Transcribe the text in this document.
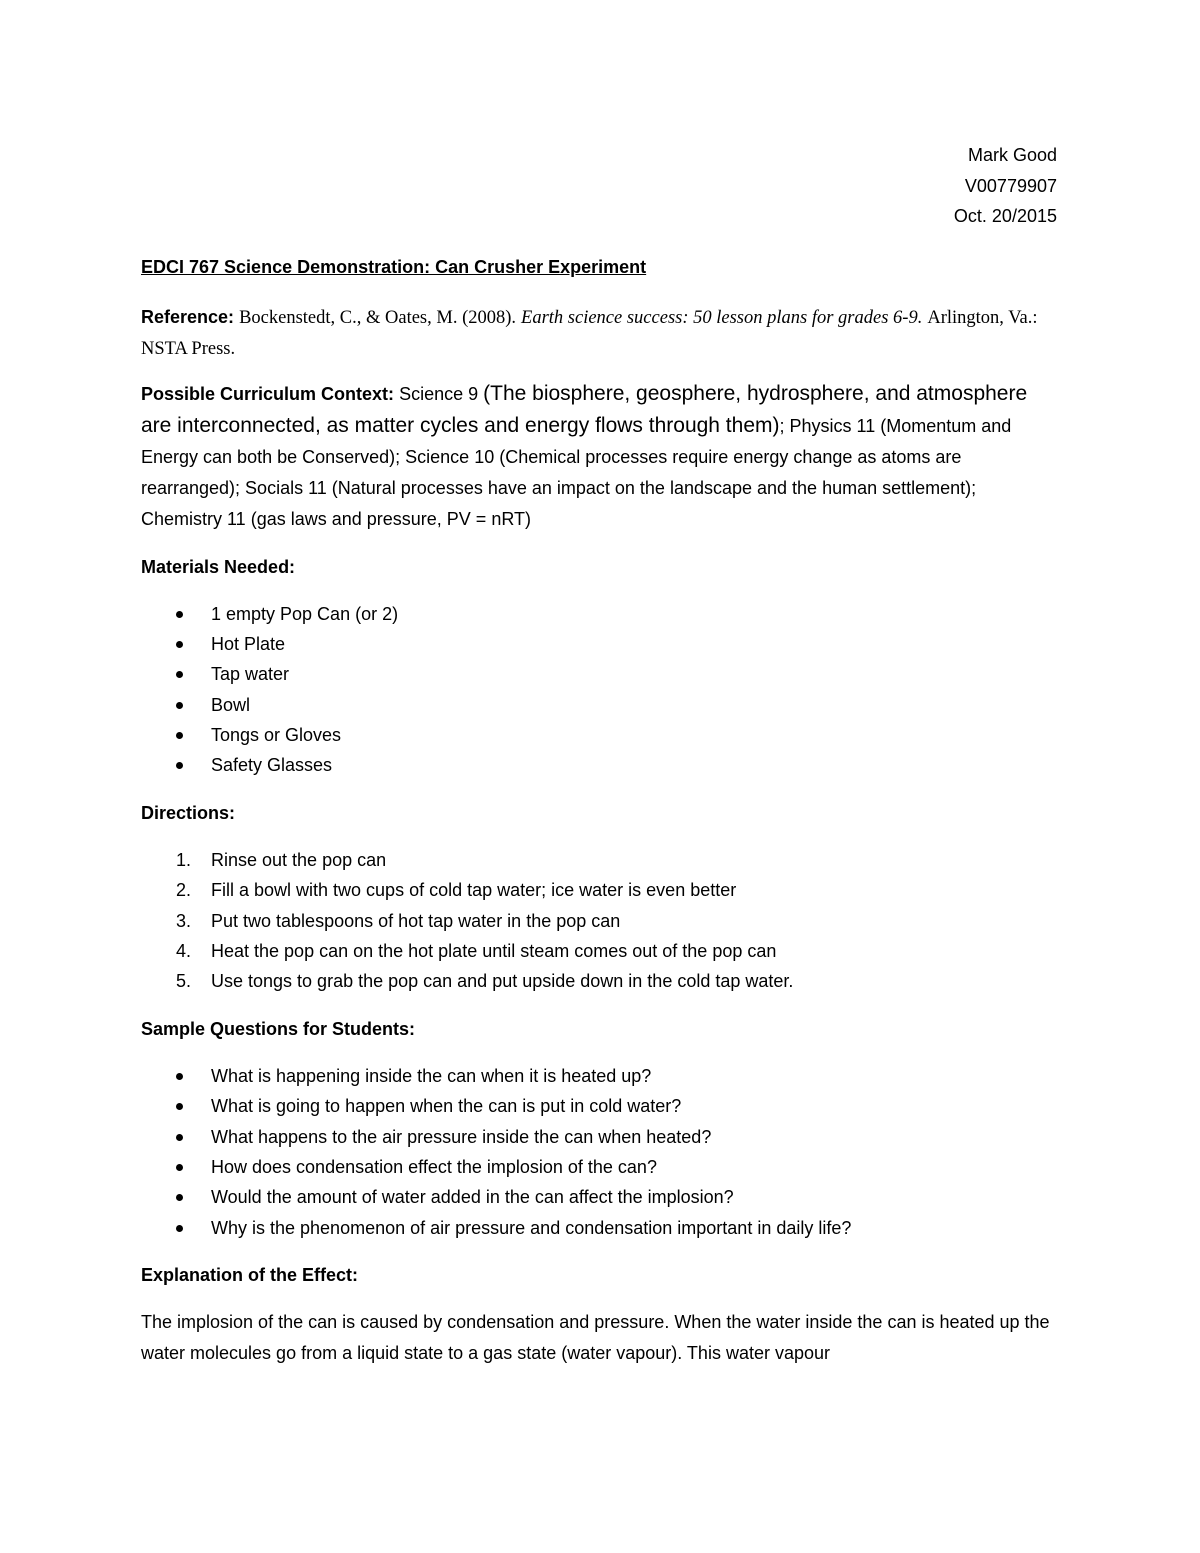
Mark Good
V00779907
Oct. 20/2015
EDCI 767 Science Demonstration: Can Crusher Experiment
Reference: Bockenstedt, C., & Oates, M. (2008). Earth science success: 50 lesson plans for grades 6-9. Arlington, Va.: NSTA Press.
Possible Curriculum Context: Science 9 (The biosphere, geosphere, hydrosphere, and atmosphere are interconnected, as matter cycles and energy flows through them); Physics 11 (Momentum and Energy can both be Conserved); Science 10 (Chemical processes require energy change as atoms are rearranged); Socials 11 (Natural processes have an impact on the landscape and the human settlement); Chemistry 11 (gas laws and pressure, PV = nRT)
Materials Needed:
1 empty Pop Can (or 2)
Hot Plate
Tap water
Bowl
Tongs or Gloves
Safety Glasses
Directions:
1. Rinse out the pop can
2. Fill a bowl with two cups of cold tap water; ice water is even better
3. Put two tablespoons of hot tap water in the pop can
4. Heat the pop can on the hot plate until steam comes out of the pop can
5. Use tongs to grab the pop can and put upside down in the cold tap water.
Sample Questions for Students:
What is happening inside the can when it is heated up?
What is going to happen when the can is put in cold water?
What happens to the air pressure inside the can when heated?
How does condensation effect the implosion of the can?
Would the amount of water added in the can affect the implosion?
Why is the phenomenon of air pressure and condensation important in daily life?
Explanation of the Effect:
The implosion of the can is caused by condensation and pressure. When the water inside the can is heated up the water molecules go from a liquid state to a gas state (water vapour). This water vapour
